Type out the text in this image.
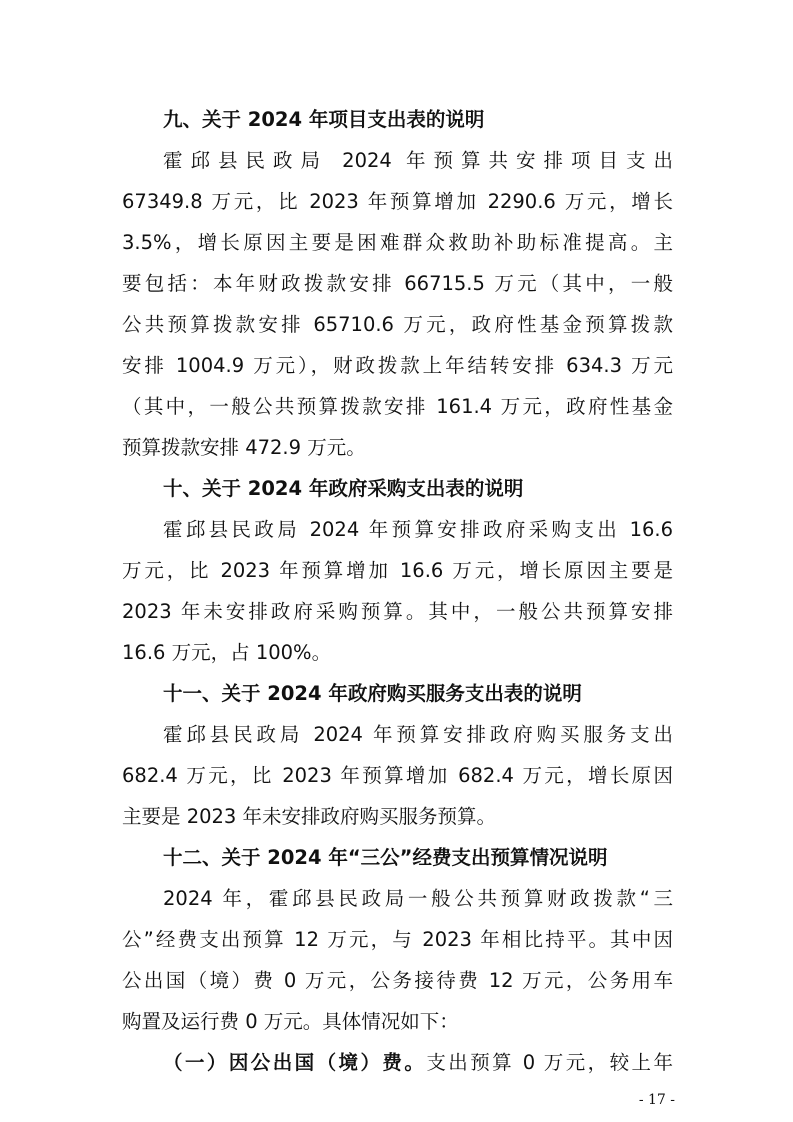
九、关于 2024 年项目支出表的说明
霍邱县民政局 2024 年预算共安排项目支出
67349.8 万元，比 2023 年预算增加 2290.6 万元，增长
3.5%，增长原因主要是困难群众救助补助标准提高。主
要包括：本年财政拨款安排 66715.5 万元（其中，一般
公共预算拨款安排 65710.6 万元，政府性基金预算拨款
安排 1004.9 万元），财政拨款上年结转安排 634.3 万元
（其中，一般公共预算拨款安排 161.4 万元，政府性基金
预算拨款安排 472.9 万元。
十、关于 2024 年政府采购支出表的说明
霍邱县民政局 2024 年预算安排政府采购支出 16.6
万元，比 2023 年预算增加 16.6 万元，增长原因主要是
2023 年未安排政府采购预算。其中，一般公共预算安排
16.6 万元，占 100%。
十一、关于 2024 年政府购买服务支出表的说明
霍邱县民政局 2024 年预算安排政府购买服务支出
682.4 万元，比 2023 年预算增加 682.4 万元，增长原因
主要是 2023 年未安排政府购买服务预算。
十二、关于 2024 年“三公”经费支出预算情况说明
2024 年，霍邱县民政局一般公共预算财政拨款“三
公”经费支出预算 12 万元，与 2023 年相比持平。其中因
公出国（境）费 0 万元，公务接待费 12 万元，公务用车
购置及运行费 0 万元。具体情况如下：
（一）因公出国（境）费。支出预算 0 万元，较上年
- 17 -
